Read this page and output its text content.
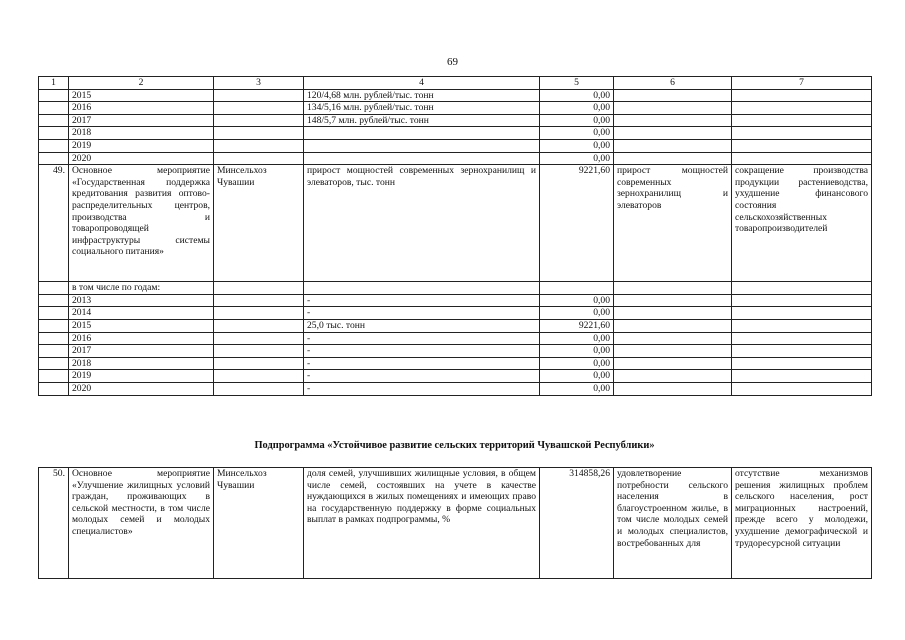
69
1	2	3	4	5	6	7
	2015		120/4,68 млн. рублей/тыс. тонн	0,00		
	2016		134/5,16 млн. рублей/тыс. тонн	0,00		
	2017		148/5,7 млн. рублей/тыс. тонн	0,00		
	2018			0,00		
	2019			0,00		
	2020			0,00		
49.	Основное мероприятие «Государственная поддержка кредитования развития оптово-распределительных центров, производства и товаропроводящей инфраструктуры системы социального питания»	Минсельхоз Чувашии	прирост мощностей современных зернохранилищ и элеваторов, тыс. тонн	9221,60	прирост мощностей современных зернохранилищ и элеваторов	сокращение производства продукции растениеводства, ухудшение финансового состояния сельскохозяйственных товаропроизводителей
	в том числе по годам:					
	2013		-	0,00		
	2014		-	0,00		
	2015		25,0 тыс. тонн	9221,60		
	2016		-	0,00		
	2017		-	0,00		
	2018		-	0,00		
	2019		-	0,00		
	2020		-	0,00		
Подпрограмма «Устойчивое развитие сельских территорий Чувашской Республики»
50.	Основное мероприятие «Улучшение жилищных условий граждан, проживающих в сельской местности, в том числе молодых семей и молодых специалистов»	Минсельхоз Чувашии	доля семей, улучшивших жилищные условия, в общем числе семей, состоявших на учете в качестве нуждающихся в жилых помещениях и имеющих право на государственную поддержку в форме социальных выплат в рамках подпрограммы, %	314858,26	удовлетворение потребности сельского населения в благоустроенном жилье, в том числе молодых семей и молодых специалистов, востребованных для	отсутствие механизмов решения жилищных проблем сельского населения, рост миграционных настроений, прежде всего у молодежи, ухудшение демографической и трудоресурсной ситуации
